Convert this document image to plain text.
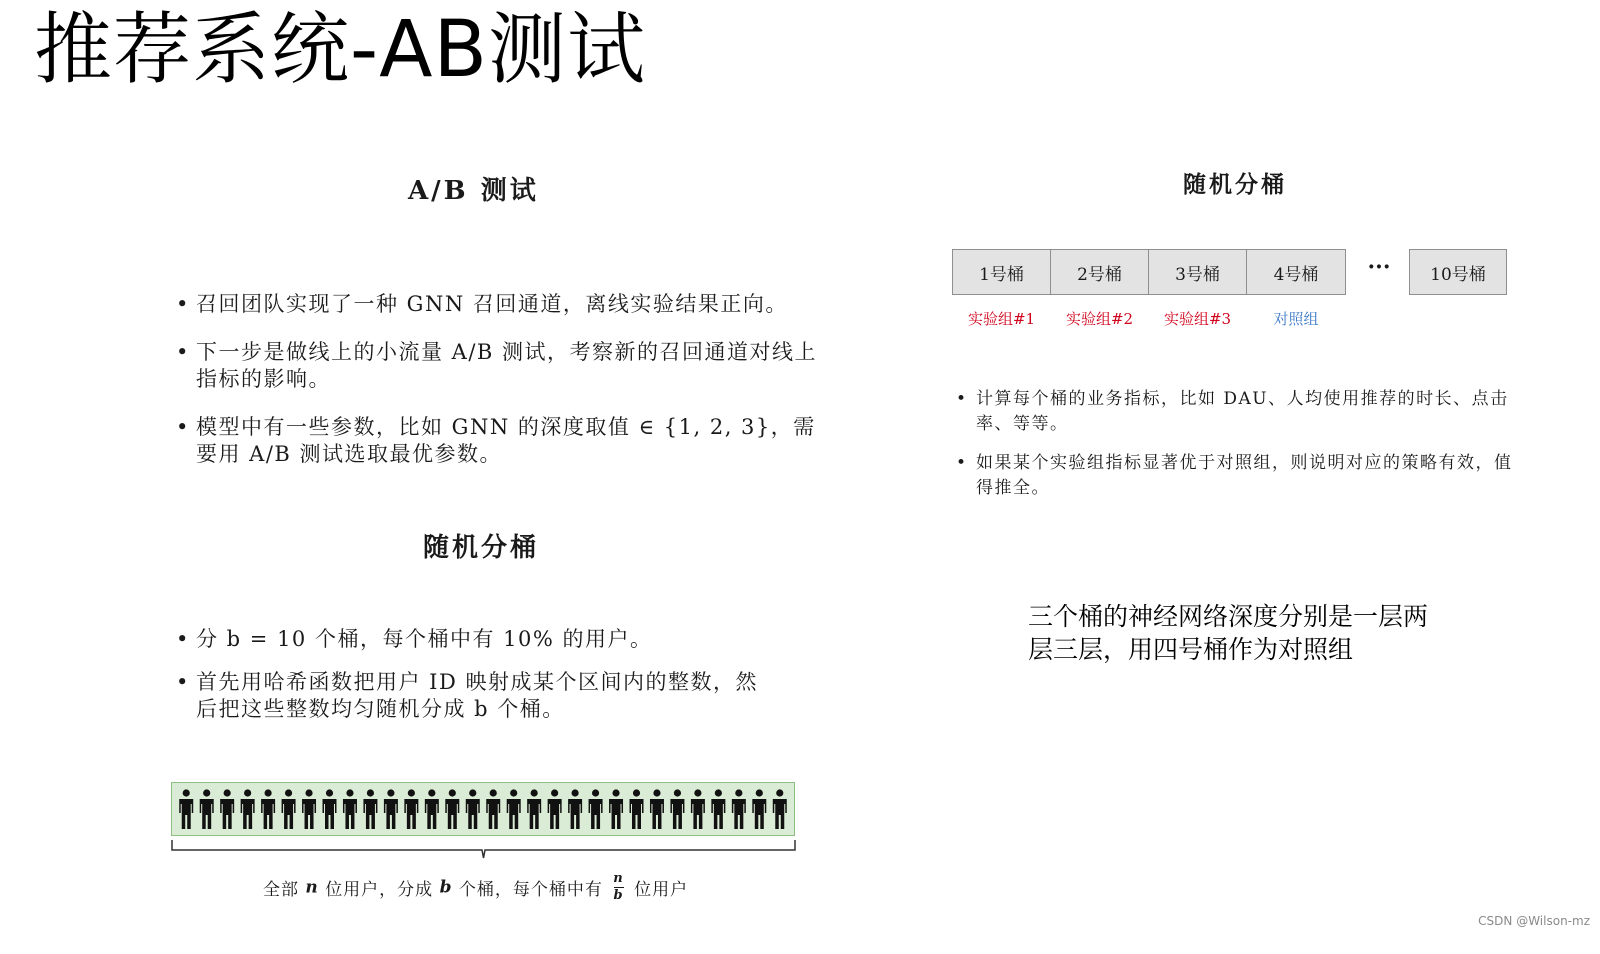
推荐系统-AB测试
A/B 测试
• 召回团队实现了一种 GNN 召回通道，离线实验结果正向。
• 下一步是做线上的小流量 A/B 测试，考察新的召回通道对线上指标的影响。
• 模型中有一些参数，比如 GNN 的深度取值 ∈ {1, 2, 3}，需要用 A/B 测试选取最优参数。
随机分桶
• 分 b = 10 个桶，每个桶中有 10% 的用户。
• 首先用哈希函数把用户 ID 映射成某个区间内的整数，然后把这些整数均匀随机分成 b 个桶。
全部 n 位用户，分成 b 个桶，每个桶中有 $\frac{n}{b}$ 位用户
随机分桶
1号桶	2号桶	3号桶	4号桶	···	10号桶
实验组#1	实验组#2	实验组#3	对照组
• 计算每个桶的业务指标，比如 DAU、人均使用推荐的时长、点击率、等等。
• 如果某个实验组指标显著优于对照组，则说明对应的策略有效，值得推全。
三个桶的神经网络深度分别是一层两
层三层，用四号桶作为对照组
CSDN @Wilson-mz
